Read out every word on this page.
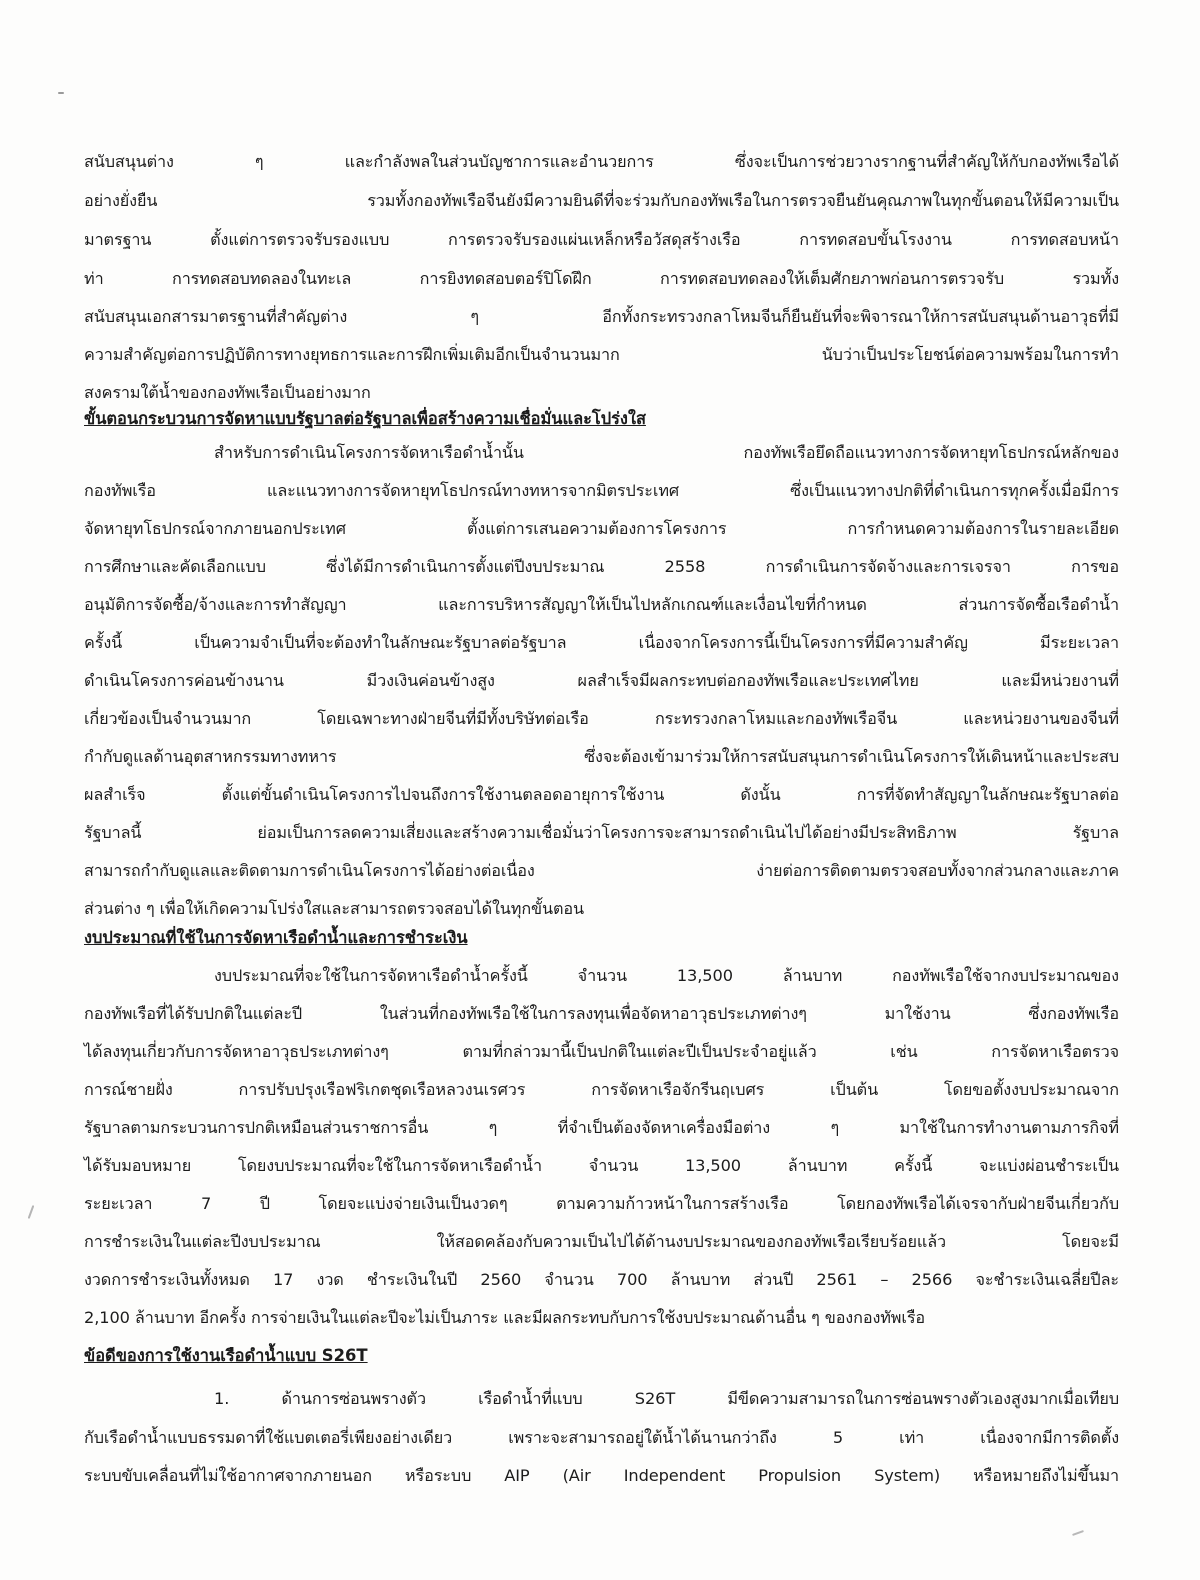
สนับสนุนต่าง ๆ และกำลังพลในส่วนบัญชาการและอำนวยการ ซึ่งจะเป็นการช่วยวางรากฐานที่สำคัญให้กับกองทัพเรือได้
อย่างยั่งยืน รวมทั้งกองทัพเรือจีนยังมีความยินดีที่จะร่วมกับกองทัพเรือในการตรวจยืนยันคุณภาพในทุกขั้นตอนให้มีความเป็น
มาตรฐาน ตั้งแต่การตรวจรับรองแบบ การตรวจรับรองแผ่นเหล็กหรือวัสดุสร้างเรือ การทดสอบขั้นโรงงาน การทดสอบหน้า
ท่า การทดสอบทดลองในทะเล การยิงทดสอบตอร์ปิโดฝึก การทดสอบทดลองให้เต็มศักยภาพก่อนการตรวจรับ รวมทั้ง
สนับสนุนเอกสารมาตรฐานที่สำคัญต่าง ๆ อีกทั้งกระทรวงกลาโหมจีนก็ยืนยันที่จะพิจารณาให้การสนับสนุนด้านอาวุธที่มี
ความสำคัญต่อการปฏิบัติการทางยุทธการและการฝึกเพิ่มเติมอีกเป็นจำนวนมาก นับว่าเป็นประโยชน์ต่อความพร้อมในการทำ
สงครามใต้น้ำของกองทัพเรือเป็นอย่างมาก
ขั้นตอนกระบวนการจัดหาแบบรัฐบาลต่อรัฐบาลเพื่อสร้างความเชื่อมั่นและโปร่งใส
สำหรับการดำเนินโครงการจัดหาเรือดำน้ำนั้น กองทัพเรือยึดถือแนวทางการจัดหายุทโธปกรณ์หลักของ
กองทัพเรือ และแนวทางการจัดหายุทโธปกรณ์ทางทหารจากมิตรประเทศ ซึ่งเป็นแนวทางปกติที่ดำเนินการทุกครั้งเมื่อมีการ
จัดหายุทโธปกรณ์จากภายนอกประเทศ ตั้งแต่การเสนอความต้องการโครงการ การกำหนดความต้องการในรายละเอียด
การศึกษาและคัดเลือกแบบ ซึ่งได้มีการดำเนินการตั้งแต่ปีงบประมาณ 2558 การดำเนินการจัดจ้างและการเจรจา การขอ
อนุมัติการจัดซื้อ/จ้างและการทำสัญญา และการบริหารสัญญาให้เป็นไปหลักเกณฑ์และเงื่อนไขที่กำหนด ส่วนการจัดซื้อเรือดำน้ำ
ครั้งนี้ เป็นความจำเป็นที่จะต้องทำในลักษณะรัฐบาลต่อรัฐบาล เนื่องจากโครงการนี้เป็นโครงการที่มีความสำคัญ มีระยะเวลา
ดำเนินโครงการค่อนข้างนาน มีวงเงินค่อนข้างสูง ผลสำเร็จมีผลกระทบต่อกองทัพเรือและประเทศไทย และมีหน่วยงานที่
เกี่ยวข้องเป็นจำนวนมาก โดยเฉพาะทางฝ่ายจีนที่มีทั้งบริษัทต่อเรือ กระทรวงกลาโหมและกองทัพเรือจีน และหน่วยงานของจีนที่
กำกับดูแลด้านอุตสาหกรรมทางทหาร ซึ่งจะต้องเข้ามาร่วมให้การสนับสนุนการดำเนินโครงการให้เดินหน้าและประสบ
ผลสำเร็จ ตั้งแต่ขั้นดำเนินโครงการไปจนถึงการใช้งานตลอดอายุการใช้งาน ดังนั้น การที่จัดทำสัญญาในลักษณะรัฐบาลต่อ
รัฐบาลนี้ ย่อมเป็นการลดความเสี่ยงและสร้างความเชื่อมั่นว่าโครงการจะสามารถดำเนินไปได้อย่างมีประสิทธิภาพ รัฐบาล
สามารถกำกับดูแลและติดตามการดำเนินโครงการได้อย่างต่อเนื่อง ง่ายต่อการติดตามตรวจสอบทั้งจากส่วนกลางและภาค
ส่วนต่าง ๆ เพื่อให้เกิดความโปร่งใสและสามารถตรวจสอบได้ในทุกขั้นตอน
งบประมาณที่ใช้ในการจัดหาเรือดำน้ำและการชำระเงิน
งบประมาณที่จะใช้ในการจัดหาเรือดำน้ำครั้งนี้ จำนวน 13,500 ล้านบาท กองทัพเรือใช้จากงบประมาณของ
กองทัพเรือที่ได้รับปกติในแต่ละปี ในส่วนที่กองทัพเรือใช้ในการลงทุนเพื่อจัดหาอาวุธประเภทต่างๆ มาใช้งาน ซึ่งกองทัพเรือ
ได้ลงทุนเกี่ยวกับการจัดหาอาวุธประเภทต่างๆ ตามที่กล่าวมานี้เป็นปกติในแต่ละปีเป็นประจำอยู่แล้ว เช่น การจัดหาเรือตรวจ
การณ์ชายฝั่ง การปรับปรุงเรือฟริเกตชุดเรือหลวงนเรศวร การจัดหาเรือจักรีนฤเบศร เป็นต้น โดยขอตั้งงบประมาณจาก
รัฐบาลตามกระบวนการปกติเหมือนส่วนราชการอื่น ๆ ที่จำเป็นต้องจัดหาเครื่องมือต่าง ๆ มาใช้ในการทำงานตามภารกิจที่
ได้รับมอบหมาย โดยงบประมาณที่จะใช้ในการจัดหาเรือดำน้ำ จำนวน 13,500 ล้านบาท ครั้งนี้ จะแบ่งผ่อนชำระเป็น
ระยะเวลา 7 ปี โดยจะแบ่งจ่ายเงินเป็นงวดๆ ตามความก้าวหน้าในการสร้างเรือ โดยกองทัพเรือได้เจรจากับฝ่ายจีนเกี่ยวกับ
การชำระเงินในแต่ละปีงบประมาณ ให้สอดคล้องกับความเป็นไปได้ด้านงบประมาณของกองทัพเรือเรียบร้อยแล้ว โดยจะมี
งวดการชำระเงินทั้งหมด 17 งวด ชำระเงินในปี 2560 จำนวน 700 ล้านบาท ส่วนปี 2561 – 2566 จะชำระเงินเฉลี่ยปีละ
2,100 ล้านบาท อีกครั้ง การจ่ายเงินในแต่ละปีจะไม่เป็นภาระ และมีผลกระทบกับการใช้งบประมาณด้านอื่น ๆ ของกองทัพเรือ
ข้อดีของการใช้งานเรือดำน้ำแบบ S26T
1. ด้านการซ่อนพรางตัว เรือดำน้ำที่แบบ S26T มีขีดความสามารถในการซ่อนพรางตัวเองสูงมากเมื่อเทียบ
กับเรือดำน้ำแบบธรรมดาที่ใช้แบตเตอรี่เพียงอย่างเดียว เพราะจะสามารถอยู่ใต้น้ำได้นานกว่าถึง 5 เท่า เนื่องจากมีการติดตั้ง
ระบบขับเคลื่อนที่ไม่ใช้อากาศจากภายนอก หรือระบบ AIP (Air Independent Propulsion System) หรือหมายถึงไม่ขึ้นมา
